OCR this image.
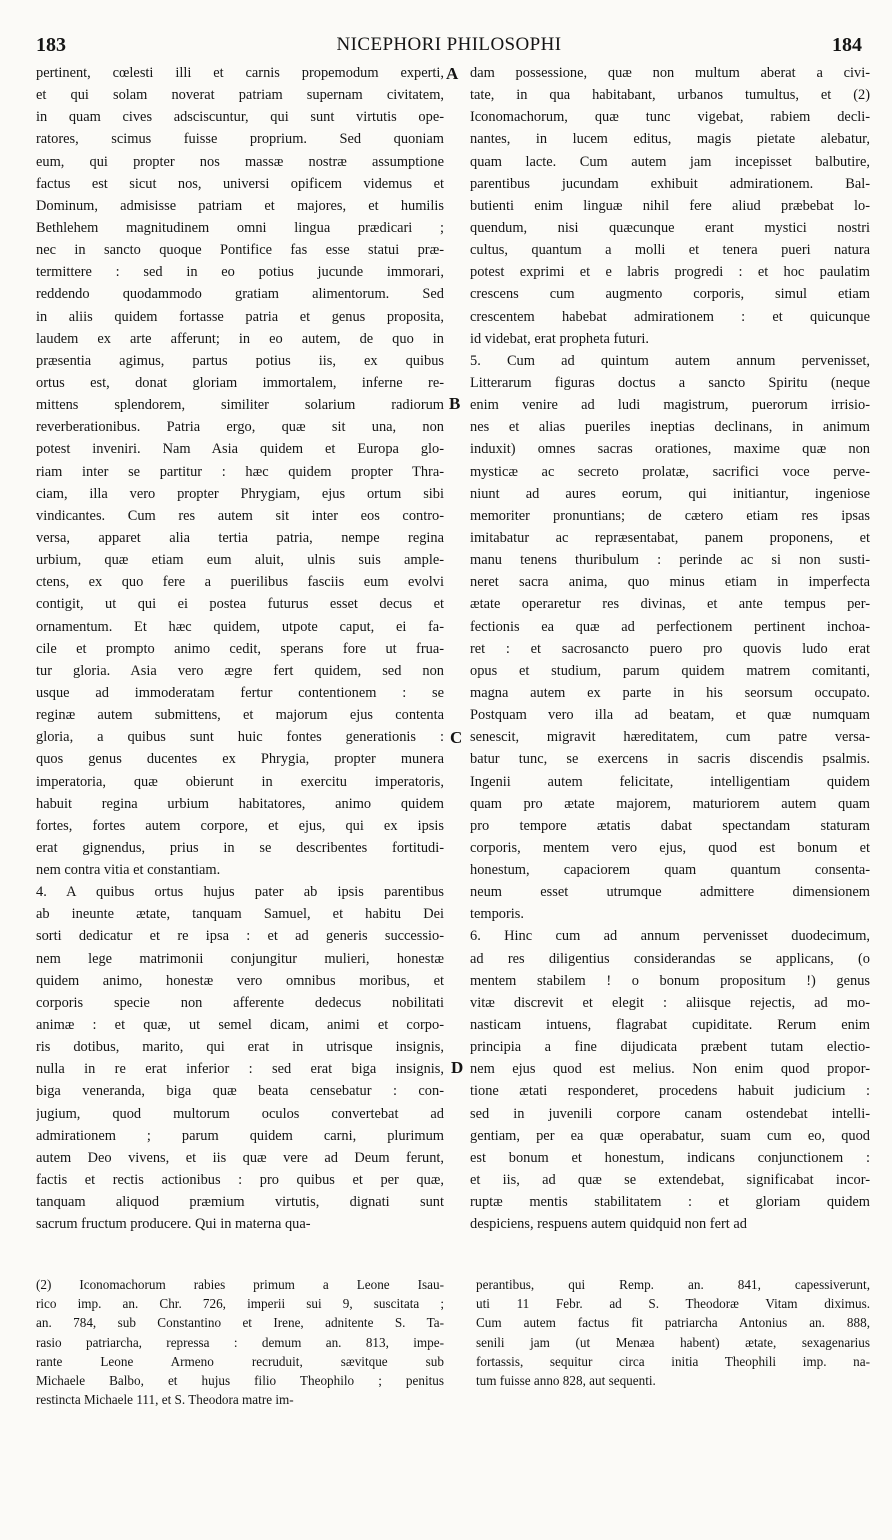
183	NICEPHORI PHILOSOPHI	184
pertinent, cœlesti illi et carnis propemodum experti,
et qui solam noverat patriam supernam civitatem,
in quam cives adsciscuntur, qui sunt virtutis ope-
ratores, scimus fuisse proprium. Sed quoniam
eum, qui propter nos massæ nostræ assumptione
factus est sicut nos, universi opificem videmus et
Dominum, admisisse patriam et majores, et humilis
Bethlehem magnitudinem omni lingua prædicari ;
nec in sancto quoque Pontifice fas esse statui præ-
termittere : sed in eo potius jucunde immorari,
reddendo quodammodo gratiam alimentorum. Sed
in aliis quidem fortasse patria et genus proposita,
laudem ex arte afferunt; in eo autem, de quo in
præsentia agimus, partus potius iis, ex quibus
ortus est, donat gloriam immortalem, inferne re-
mittens splendorem, similiter solarium radiorum
reverberationibus. Patria ergo, quæ sit una, non
potest inveniri. Nam Asia quidem et Europa glo-
riam inter se partitur : hæc quidem propter Thra-
ciam, illa vero propter Phrygiam, ejus ortum sibi
vindicantes. Cum res autem sit inter eos contro-
versa, apparet alia tertia patria, nempe regina
urbium, quæ etiam eum aluit, ulnis suis ample-
ctens, ex quo fere a puerilibus fasciis eum evolvi
contigit, ut qui ei postea futurus esset decus et
ornamentum. Et hæc quidem, utpote caput, ei fa-
cile et prompto animo cedit, sperans fore ut frua-
tur gloria. Asia vero ægre fert quidem, sed non
usque ad immoderatam fertur contentionem : se
reginæ autem submittens, et majorum ejus contenta
gloria, a quibus sunt huic fontes generationis :
quos genus ducentes ex Phrygia, propter munera
imperatoria, quæ obierunt in exercitu imperatoris,
habuit regina urbium habitatores, animo quidem
fortes, fortes autem corpore, et ejus, qui ex ipsis
erat gignendus, prius in se describentes fortitudi-
nem contra vitia et constantiam.
4. A quibus ortus hujus pater ab ipsis parentibus
ab ineunte ætate, tanquam Samuel, et habitu Dei
sorti dedicatur et re ipsa : et ad generis successio-
nem lege matrimonii conjungitur mulieri, honestæ
quidem animo, honestæ vero omnibus moribus, et
corporis specie non afferente dedecus nobilitati
animæ : et quæ, ut semel dicam, animi et corpo-
ris dotibus, marito, qui erat in utrisque insignis,
nulla in re erat inferior : sed erat biga insignis,
biga veneranda, biga quæ beata censebatur : con-
jugium, quod multorum oculos convertebat ad
admirationem ; parum quidem carni, plurimum
autem Deo vivens, et iis quæ vere ad Deum ferunt,
factis et rectis actionibus : pro quibus et per quæ,
tanquam aliquod præmium virtutis, dignati sunt
sacrum fructum producere. Qui in materna qua-
dam possessione, quæ non multum aberat a civi-
tate, in qua habitabant, urbanos tumultus, et (2)
Iconomachorum, quæ tunc vigebat, rabiem decli-
nantes, in lucem editus, magis pietate alebatur,
quam lacte. Cum autem jam incepisset balbutire,
parentibus jucundam exhibuit admirationem. Bal-
butienti enim linguæ nihil fere aliud præbebat lo-
quendum, nisi quæcunque erant mystici nostri
cultus, quantum a molli et tenera pueri natura
potest exprimi et e labris progredi : et hoc paulatim
crescens cum augmento corporis, simul etiam
crescentem habebat admirationem : et quicunque
id videbat, erat propheta futuri.
5. Cum ad quintum autem annum pervenisset,
Litterarum figuras doctus a sancto Spiritu (neque
enim venire ad ludi magistrum, puerorum irrisio-
nes et alias pueriles ineptias declinans, in animum
induxit) omnes sacras orationes, maxime quæ non
mysticæ ac secreto prolatæ, sacrifici voce perve-
niunt ad aures eorum, qui initiantur, ingeniose
memoriter pronuntians; de cætero etiam res ipsas
imitabatur ac repræsentabat, panem proponens, et
manu tenens thuribulum : perinde ac si non susti-
neret sacra anima, quo minus etiam in imperfecta
ætate operaretur res divinas, et ante tempus per-
fectionis ea quæ ad perfectionem pertinent inchoa-
ret : et sacrosancto puero pro quovis ludo erat
opus et studium, parum quidem matrem comitanti,
magna autem ex parte in his seorsum occupato.
Postquam vero illa ad beatam, et quæ numquam
senescit, migravit hæreditatem, cum patre versa-
batur tunc, se exercens in sacris discendis psalmis.
Ingenii autem felicitate, intelligentiam quidem
quam pro ætate majorem, maturiorem autem quam
pro tempore ætatis dabat spectandam staturam
corporis, mentem vero ejus, quod est bonum et
honestum, capaciorem quam quantum consenta-
neum esset utrumque admittere dimensionem
temporis.
6. Hinc cum ad annum pervenisset duodecimum,
ad res diligentius considerandas se applicans, (o
mentem stabilem ! o bonum propositum !) genus
vitæ discrevit et elegit : aliisque rejectis, ad mo-
nasticam intuens, flagrabat cupiditate. Rerum enim
principia a fine dijudicata præbent tutam electio-
nem ejus quod est melius. Non enim quod propor-
tione ætati responderet, procedens habuit judicium :
sed in juvenili corpore canam ostendebat intelli-
gentiam, per ea quæ operabatur, suam cum eo, quod
est bonum et honestum, indicans conjunctionem :
et iis, ad quæ se extendebat, significabat incor-
ruptæ mentis stabilitatem : et gloriam quidem
despiciens, respuens autem quidquid non fert ad
A
B
C
D
(2) Iconomachorum rabies primum a Leone Isau-
rico imp. an. Chr. 726, imperii sui 9, suscitata ;
an. 784, sub Constantino et Irene, adnitente S. Ta-
rasio patriarcha, repressa : demum an. 813, impe-
rante Leone Armeno recruduit, sævitque sub
Michaele Balbo, et hujus filio Theophilo ; penitus
restincta Michaele 111, et S. Theodora matre im-
perantibus, qui Remp. an. 841, capessiverunt,
uti 11 Febr. ad S. Theodoræ Vitam diximus.
Cum autem factus fit patriarcha Antonius an. 888,
senili jam (ut Menæa habent) ætate, sexagenarius
fortassis, sequitur circa initia Theophili imp. na-
tum fuisse anno 828, aut sequenti.
